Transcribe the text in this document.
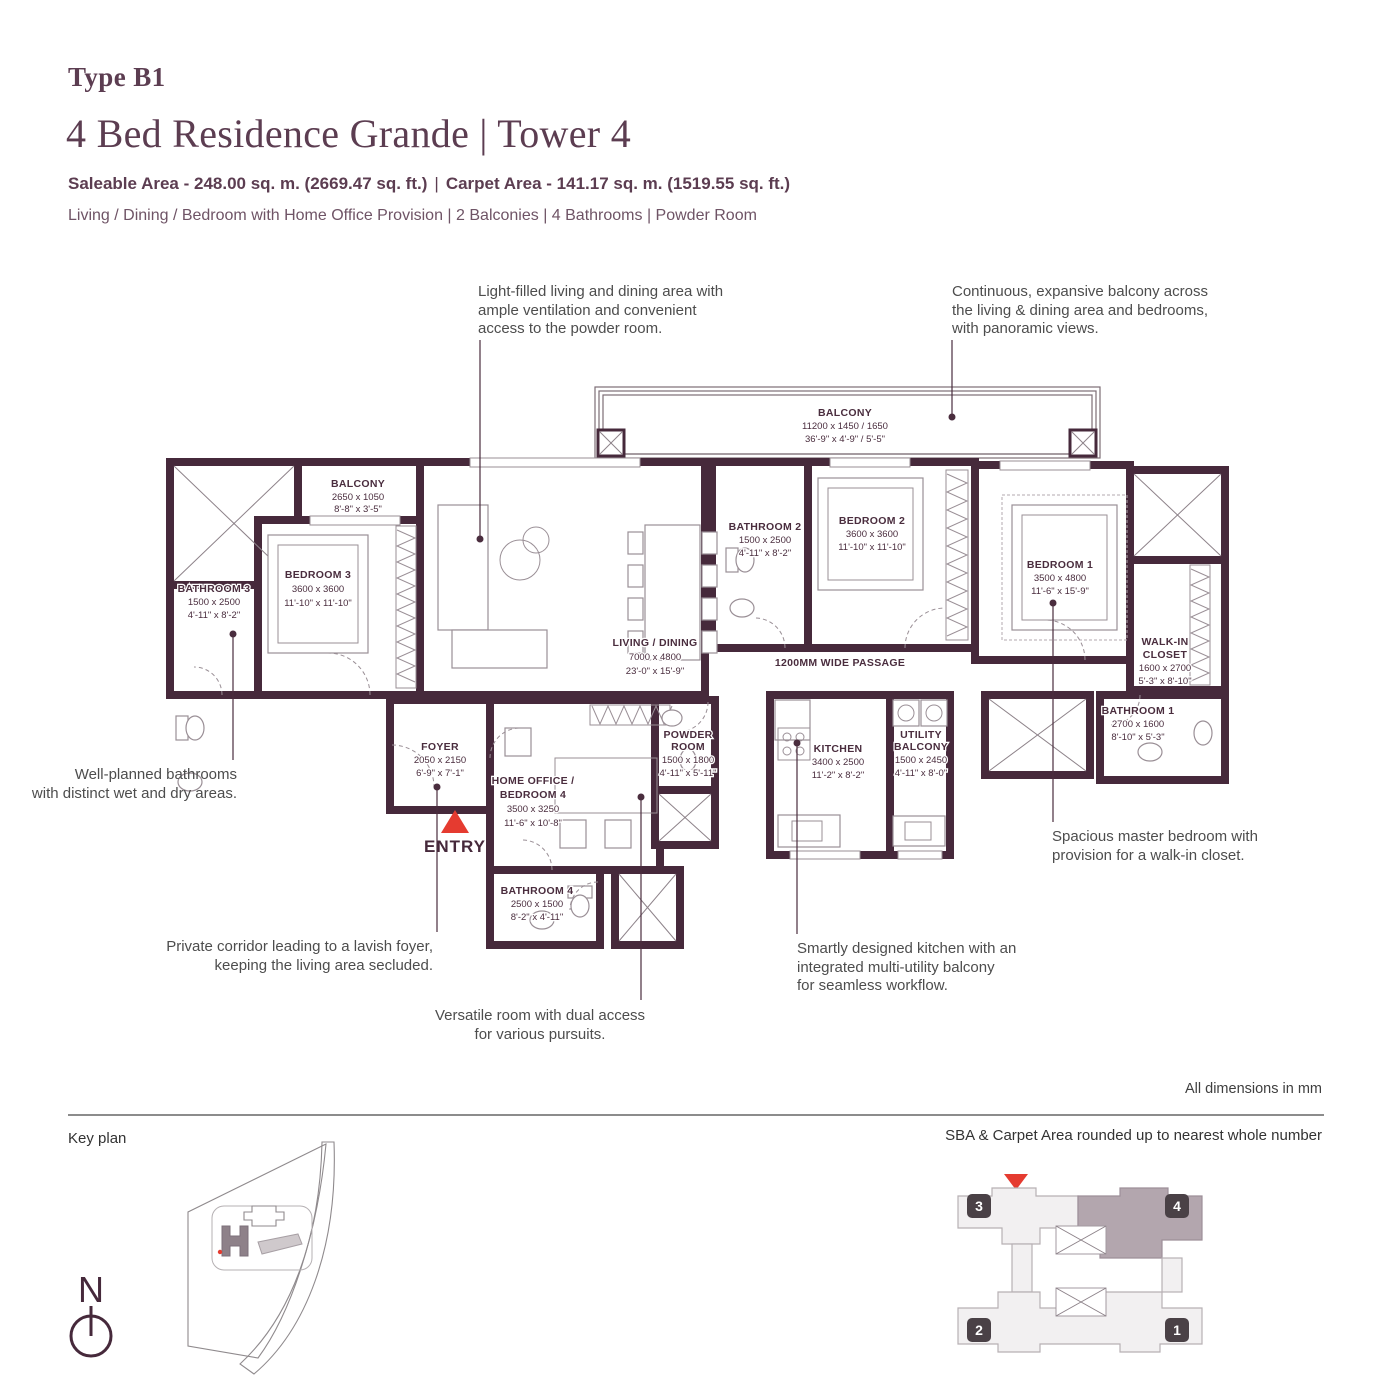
Type B1
4 Bed Residence Grande | Tower 4
Saleable Area - 248.00 sq. m. (2669.47 sq. ft.) | Carpet Area - 141.17 sq. m. (1519.55 sq. ft.)
Living / Dining / Bedroom with Home Office Provision | 2 Balconies | 4 Bathrooms | Powder Room
BALCONY
11200 x 1450 / 1650
36'-9" x 4'-9" / 5'-5"
BALCONY
2650 x 1050
8'-8" x 3'-5"
BEDROOM 3
3600 x 3600
11'-10" x 11'-10"
BATHROOM 3
1500 x 2500
4'-11" x 8'-2"
LIVING / DINING
7000 x 4800
23'-0" x 15'-9"
BATHROOM 2
1500 x 2500
4'-11" x 8'-2"
BEDROOM 2
3600 x 3600
11'-10" x 11'-10"
BEDROOM 1
3500 x 4800
11'-6" x 15'-9"
WALK-IN
CLOSET
1600 x 2700
5'-3" x 8'-10"
BATHROOM 1
2700 x 1600
8'-10" x 5'-3"
1200MM WIDE PASSAGE
FOYER
2050 x 2150
6'-9" x 7'-1"
HOME OFFICE /
BEDROOM 4
3500 x 3250
11'-6" x 10'-8"
POWDER
ROOM
1500 x 1800
4'-11" x 5'-11"
KITCHEN
3400 x 2500
11'-2" x 8'-2"
UTILITY
BALCONY
1500 x 2450
4'-11" x 8'-0"
BATHROOM 4
2500 x 1500
8'-2" x 4'-11"
ENTRY
N
3	4
2	1
Light-filled living and dining area with
ample ventilation and convenient
access to the powder room.
Continuous, expansive balcony across
the living & dining area and bedrooms,
with panoramic views.
Well-planned bathrooms
with distinct wet and dry areas.
Private corridor leading to a lavish foyer,
keeping the living area secluded.
Versatile room with dual access
for various pursuits.
Smartly designed kitchen with an
integrated multi-utility balcony
for seamless workflow.
Spacious master bedroom with
provision for a walk-in closet.
All dimensions in mm
Key plan	SBA & Carpet Area rounded up to nearest whole number
